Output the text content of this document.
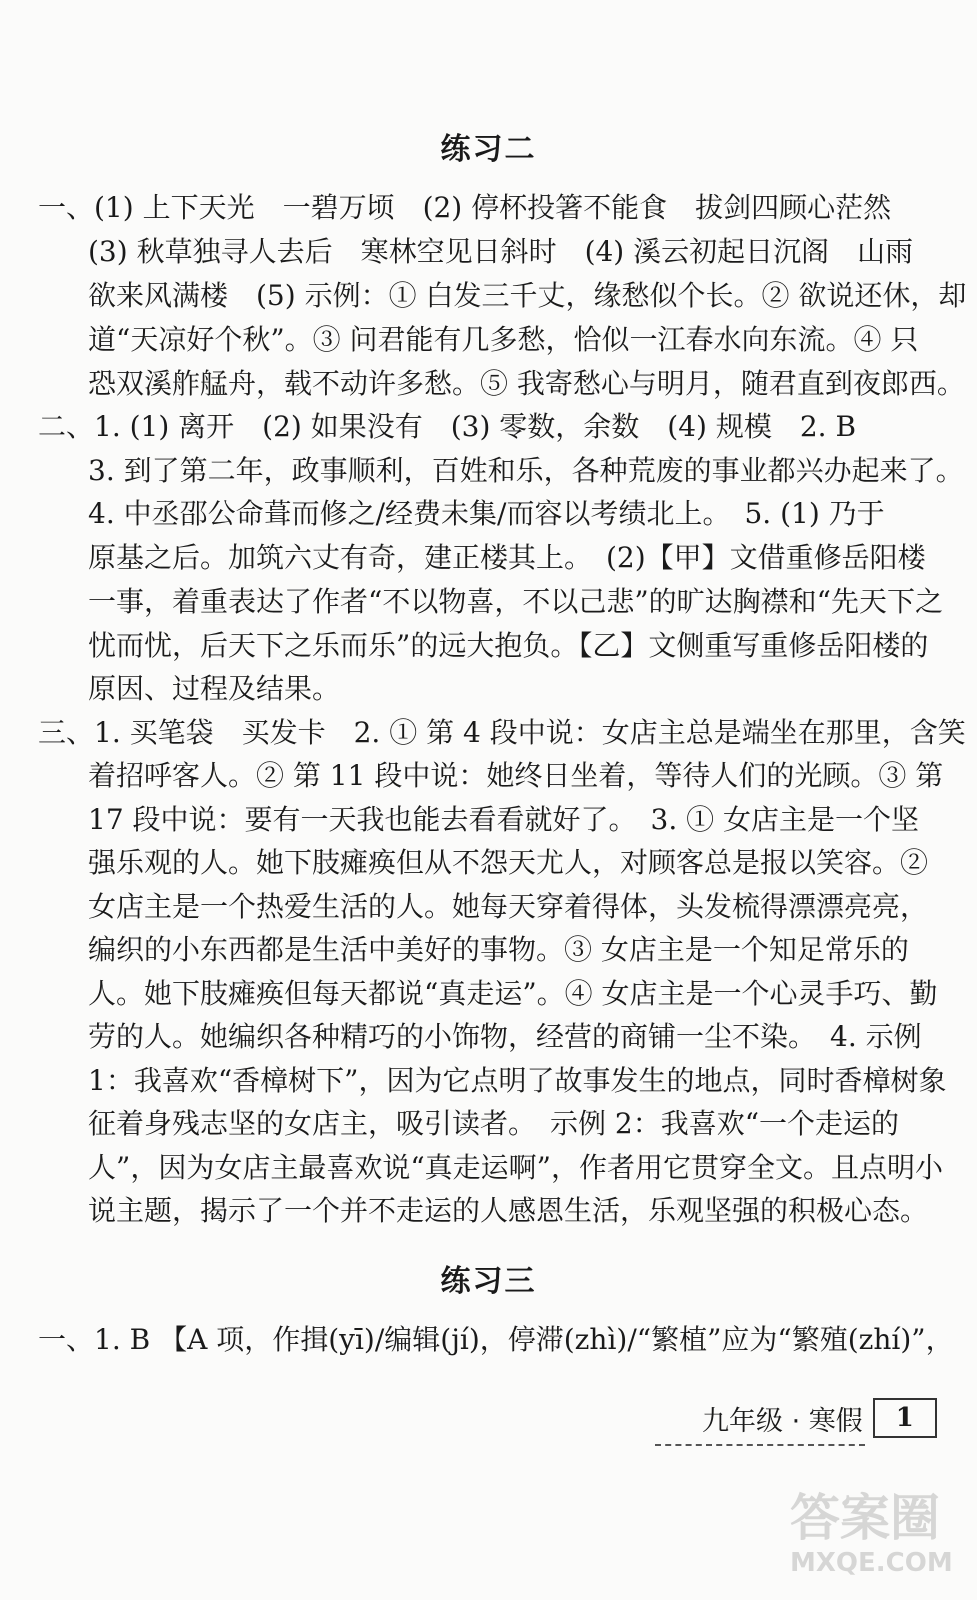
练习二
一、(1) 上下天光　一碧万顷　(2) 停杯投箸不能食　拔剑四顾心茫然
(3) 秋草独寻人去后　寒林空见日斜时　(4) 溪云初起日沉阁　山雨
欲来风满楼　(5) 示例：① 白发三千丈，缘愁似个长。② 欲说还休，却
道“天凉好个秋”。③ 问君能有几多愁，恰似一江春水向东流。④ 只
恐双溪舴艋舟，载不动许多愁。⑤ 我寄愁心与明月，随君直到夜郎西。
二、1. (1) 离开　(2) 如果没有　(3) 零数，余数　(4) 规模　2. B
3. 到了第二年，政事顺利，百姓和乐，各种荒废的事业都兴办起来了。
4. 中丞邵公命葺而修之/经费未集/而容以考绩北上。　5. (1) 乃于
原基之后。加筑六丈有奇，建正楼其上。　(2)【甲】文借重修岳阳楼
一事，着重表达了作者“不以物喜，不以己悲”的旷达胸襟和“先天下之
忧而忧，后天下之乐而乐”的远大抱负。【乙】文侧重写重修岳阳楼的
原因、过程及结果。
三、1. 买笔袋　买发卡　2. ① 第 4 段中说：女店主总是端坐在那里，含笑
着招呼客人。② 第 11 段中说：她终日坐着，等待人们的光顾。③ 第
17 段中说：要有一天我也能去看看就好了。　3. ① 女店主是一个坚
强乐观的人。她下肢瘫痪但从不怨天尤人，对顾客总是报以笑容。②
女店主是一个热爱生活的人。她每天穿着得体，头发梳得漂漂亮亮，
编织的小东西都是生活中美好的事物。③ 女店主是一个知足常乐的
人。她下肢瘫痪但每天都说“真走运”。④ 女店主是一个心灵手巧、勤
劳的人。她编织各种精巧的小饰物，经营的商铺一尘不染。　4. 示例
1：我喜欢“香樟树下”，因为它点明了故事发生的地点，同时香樟树象
征着身残志坚的女店主，吸引读者。　示例 2：我喜欢“一个走运的
人”，因为女店主最喜欢说“真走运啊”，作者用它贯穿全文。且点明小
说主题，揭示了一个并不走运的人感恩生活，乐观坚强的积极心态。
练习三
一、1. B 【A 项，作揖(yī)/编辑(jí)，停滞(zhì)/“繁植”应为“繁殖(zhí)”，
九年级 · 寒假	1
答案圈
MXQE.COM
